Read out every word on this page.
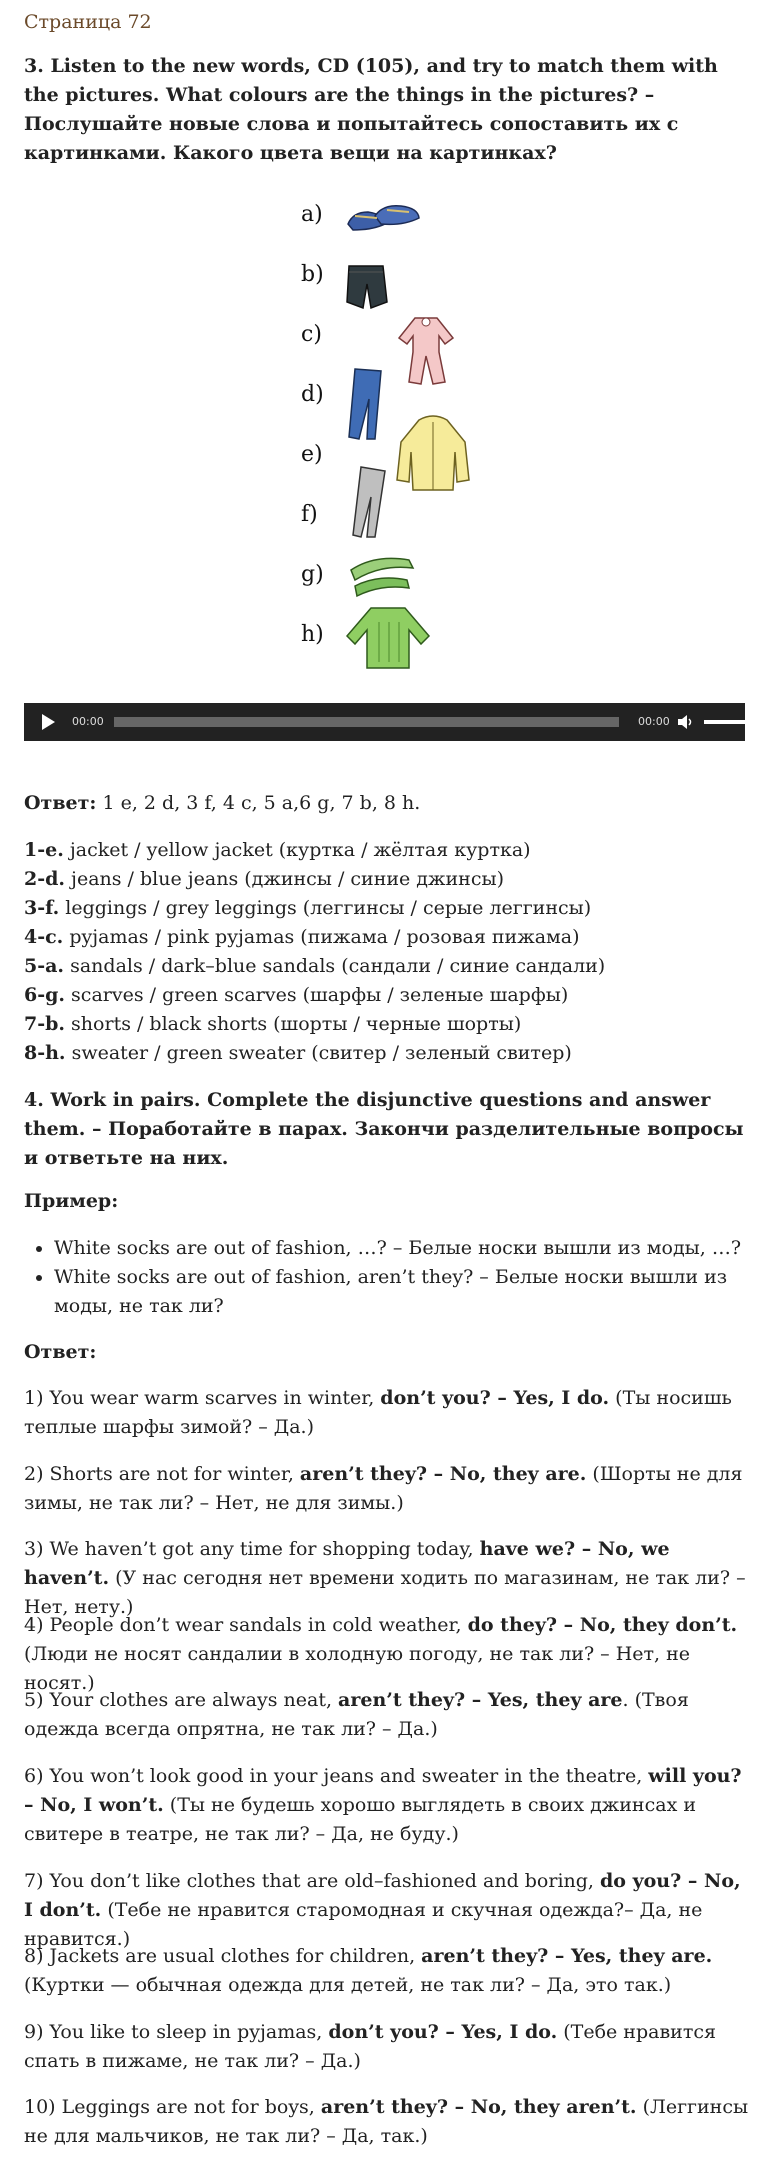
Страница 72
3. Listen to the new words, CD (105), and try to match them with the pictures. What colours are the things in the pictures? – Послушайте новые слова и попытайтесь сопоставить их с картинками. Какого цвета вещи на картинках?
a)
b)
c)
d)
e)
f)
g)
h)
00:00	00:00
Ответ: 1 e, 2 d, 3 f, 4 c, 5 a,6 g, 7 b, 8 h.
1-e. jacket / yellow jacket (куртка / жёлтая куртка)
2-d. jeans / blue jeans (джинсы / синие джинсы)
3-f. leggings / grey leggings (леггинсы / серые леггинсы)
4-c. pyjamas / pink pyjamas (пижама / розовая пижама)
5-a. sandals / dark–blue sandals (сандали / синие сандали)
6-g. scarves / green scarves (шарфы / зеленые шарфы)
7-b. shorts / black shorts (шорты / черные шорты)
8-h. sweater / green sweater (свитер / зеленый свитер)
4. Work in pairs. Complete the disjunctive questions and answer them. – Поработайте в парах. Закончи разделительные вопросы и ответьте на них.
Пример:
• White socks are out of fashion, …? – Белые носки вышли из моды, …?
• White socks are out of fashion, aren’t they? – Белые носки вышли из моды, не так ли?
Ответ:
1) You wear warm scarves in winter, don’t you? – Yes, I do. (Ты носишь теплые шарфы зимой? – Да.)
2) Shorts are not for winter, aren’t they? – No, they are. (Шорты не для зимы, не так ли? – Нет, не для зимы.)
3) We haven’t got any time for shopping today, have we? – No, we haven’t. (У нас сегодня нет времени ходить по магазинам, не так ли? – Нет, нету.)
4) People don’t wear sandals in cold weather, do they? – No, they don’t. (Люди не носят сандалии в холодную погоду, не так ли? – Нет, не носят.)
5) Your clothes are always neat, aren’t they? – Yes, they are. (Твоя одежда всегда опрятна, не так ли? – Да.)
6) You won’t look good in your jeans and sweater in the theatre, will you? – No, I won’t. (Ты не будешь хорошо выглядеть в своих джинсах и свитере в театре, не так ли? – Да, не буду.)
7) You don’t like clothes that are old–fashioned and boring, do you? – No, I don’t. (Тебе не нравится старомодная и скучная одежда?– Да, не нравится.)
8) Jackets are usual clothes for children, aren’t they? – Yes, they are. (Куртки — обычная одежда для детей, не так ли? – Да, это так.)
9) You like to sleep in pyjamas, don’t you? – Yes, I do. (Тебе нравится спать в пижаме, не так ли? – Да.)
10) Leggings are not for boys, aren’t they? – No, they aren’t. (Леггинсы не для мальчиков, не так ли? – Да, так.)
